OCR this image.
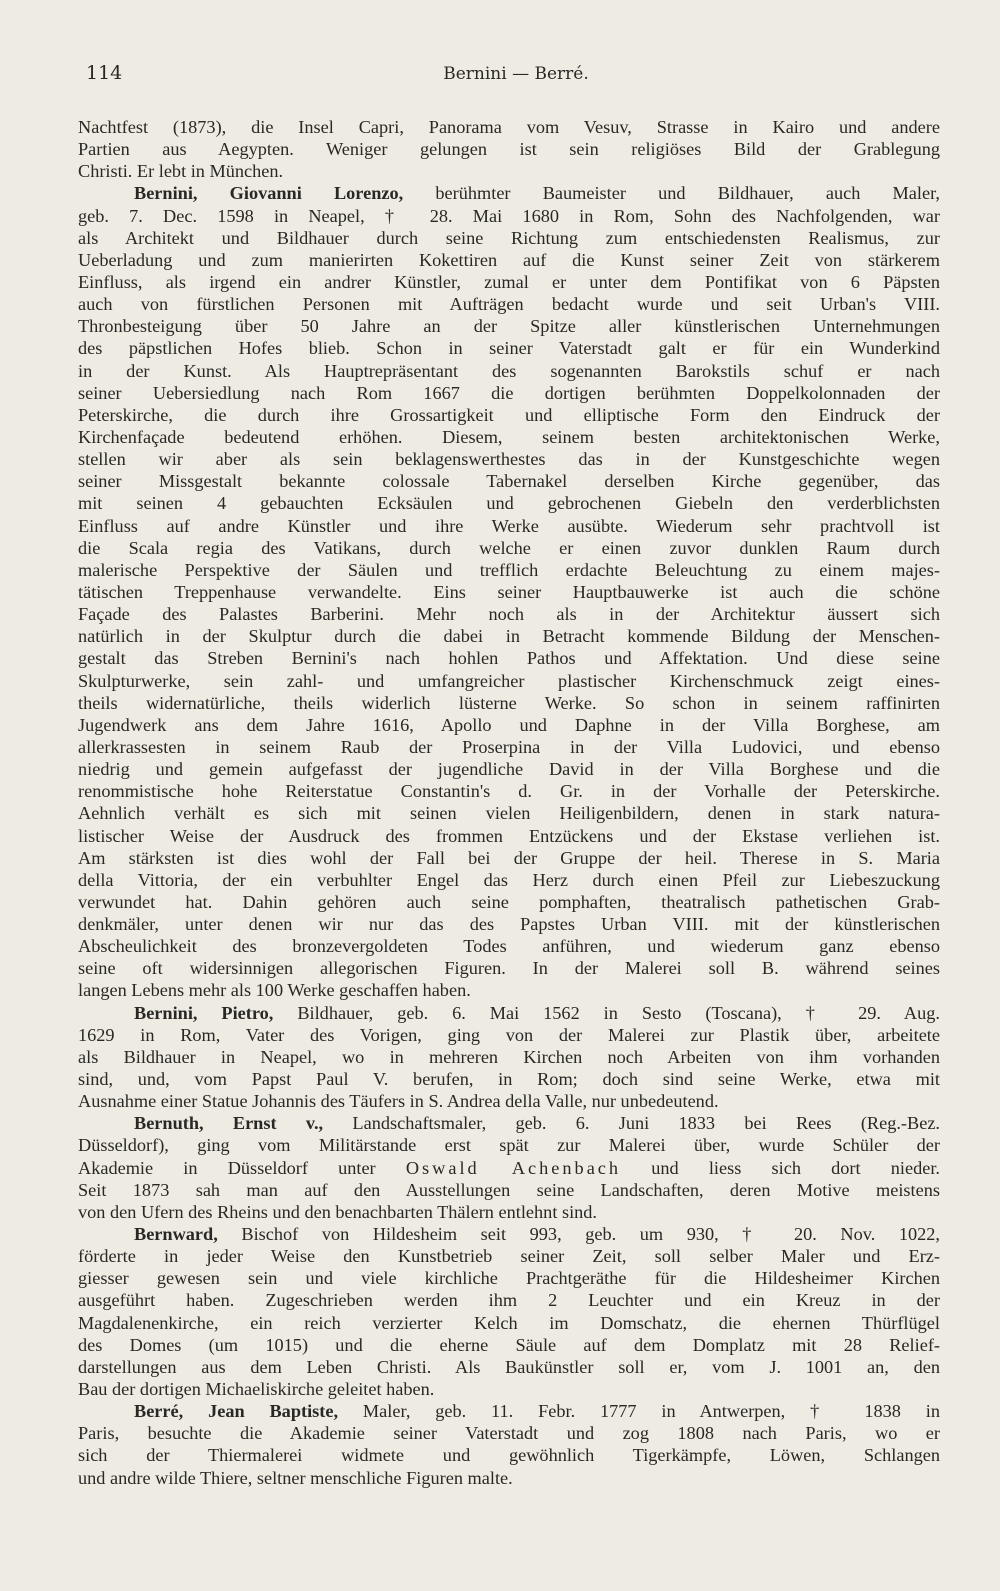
114	Bernini — Berré.
Nachtfest (1873), die Insel Capri, Panorama vom Vesuv, Strasse in Kairo und andere
Partien aus Aegypten. Weniger gelungen ist sein religiöses Bild der Grablegung
Christi. Er lebt in München.
Bernini, Giovanni Lorenzo, berühmter Baumeister und Bildhauer, auch Maler,
geb. 7. Dec. 1598 in Neapel, † 28. Mai 1680 in Rom, Sohn des Nachfolgenden, war
als Architekt und Bildhauer durch seine Richtung zum entschiedensten Realismus, zur
Ueberladung und zum manierirten Kokettiren auf die Kunst seiner Zeit von stärkerem
Einfluss, als irgend ein andrer Künstler, zumal er unter dem Pontifikat von 6 Päpsten
auch von fürstlichen Personen mit Aufträgen bedacht wurde und seit Urban's VIII.
Thronbesteigung über 50 Jahre an der Spitze aller künstlerischen Unternehmungen
des päpstlichen Hofes blieb. Schon in seiner Vaterstadt galt er für ein Wunderkind
in der Kunst. Als Hauptrepräsentant des sogenannten Barokstils schuf er nach
seiner Uebersiedlung nach Rom 1667 die dortigen berühmten Doppelkolonnaden der
Peterskirche, die durch ihre Grossartigkeit und elliptische Form den Eindruck der
Kirchenfaçade bedeutend erhöhen. Diesem, seinem besten architektonischen Werke,
stellen wir aber als sein beklagenswerthestes das in der Kunstgeschichte wegen
seiner Missgestalt bekannte colossale Tabernakel derselben Kirche gegenüber, das
mit seinen 4 gebauchten Ecksäulen und gebrochenen Giebeln den verderblichsten
Einfluss auf andre Künstler und ihre Werke ausübte. Wiederum sehr prachtvoll ist
die Scala regia des Vatikans, durch welche er einen zuvor dunklen Raum durch
malerische Perspektive der Säulen und trefflich erdachte Beleuchtung zu einem majes-
tätischen Treppenhause verwandelte. Eins seiner Hauptbauwerke ist auch die schöne
Façade des Palastes Barberini. Mehr noch als in der Architektur äussert sich
natürlich in der Skulptur durch die dabei in Betracht kommende Bildung der Menschen-
gestalt das Streben Bernini's nach hohlen Pathos und Affektation. Und diese seine
Skulpturwerke, sein zahl- und umfangreicher plastischer Kirchenschmuck zeigt eines-
theils widernatürliche, theils widerlich lüsterne Werke. So schon in seinem raffinirten
Jugendwerk ans dem Jahre 1616, Apollo und Daphne in der Villa Borghese, am
allerkrassesten in seinem Raub der Proserpina in der Villa Ludovici, und ebenso
niedrig und gemein aufgefasst der jugendliche David in der Villa Borghese und die
renommistische hohe Reiterstatue Constantin's d. Gr. in der Vorhalle der Peterskirche.
Aehnlich verhält es sich mit seinen vielen Heiligenbildern, denen in stark natura-
listischer Weise der Ausdruck des frommen Entzückens und der Ekstase verliehen ist.
Am stärksten ist dies wohl der Fall bei der Gruppe der heil. Therese in S. Maria
della Vittoria, der ein verbuhlter Engel das Herz durch einen Pfeil zur Liebeszuckung
verwundet hat. Dahin gehören auch seine pomphaften, theatralisch pathetischen Grab-
denkmäler, unter denen wir nur das des Papstes Urban VIII. mit der künstlerischen
Abscheulichkeit des bronzevergoldeten Todes anführen, und wiederum ganz ebenso
seine oft widersinnigen allegorischen Figuren. In der Malerei soll B. während seines
langen Lebens mehr als 100 Werke geschaffen haben.
Bernini, Pietro, Bildhauer, geb. 6. Mai 1562 in Sesto (Toscana), † 29. Aug.
1629 in Rom, Vater des Vorigen, ging von der Malerei zur Plastik über, arbeitete
als Bildhauer in Neapel, wo in mehreren Kirchen noch Arbeiten von ihm vorhanden
sind, und, vom Papst Paul V. berufen, in Rom; doch sind seine Werke, etwa mit
Ausnahme einer Statue Johannis des Täufers in S. Andrea della Valle, nur unbedeutend.
Bernuth, Ernst v., Landschaftsmaler, geb. 6. Juni 1833 bei Rees (Reg.-Bez.
Düsseldorf), ging vom Militärstande erst spät zur Malerei über, wurde Schüler der
Akademie in Düsseldorf unter Oswald Achenbach und liess sich dort nieder.
Seit 1873 sah man auf den Ausstellungen seine Landschaften, deren Motive meistens
von den Ufern des Rheins und den benachbarten Thälern entlehnt sind.
Bernward, Bischof von Hildesheim seit 993, geb. um 930, † 20. Nov. 1022,
förderte in jeder Weise den Kunstbetrieb seiner Zeit, soll selber Maler und Erz-
giesser gewesen sein und viele kirchliche Prachtgeräthe für die Hildesheimer Kirchen
ausgeführt haben. Zugeschrieben werden ihm 2 Leuchter und ein Kreuz in der
Magdalenenkirche, ein reich verzierter Kelch im Domschatz, die ehernen Thürflügel
des Domes (um 1015) und die eherne Säule auf dem Domplatz mit 28 Relief-
darstellungen aus dem Leben Christi. Als Baukünstler soll er, vom J. 1001 an, den
Bau der dortigen Michaeliskirche geleitet haben.
Berré, Jean Baptiste, Maler, geb. 11. Febr. 1777 in Antwerpen, † 1838 in
Paris, besuchte die Akademie seiner Vaterstadt und zog 1808 nach Paris, wo er
sich der Thiermalerei widmete und gewöhnlich Tigerkämpfe, Löwen, Schlangen
und andre wilde Thiere, seltner menschliche Figuren malte.
